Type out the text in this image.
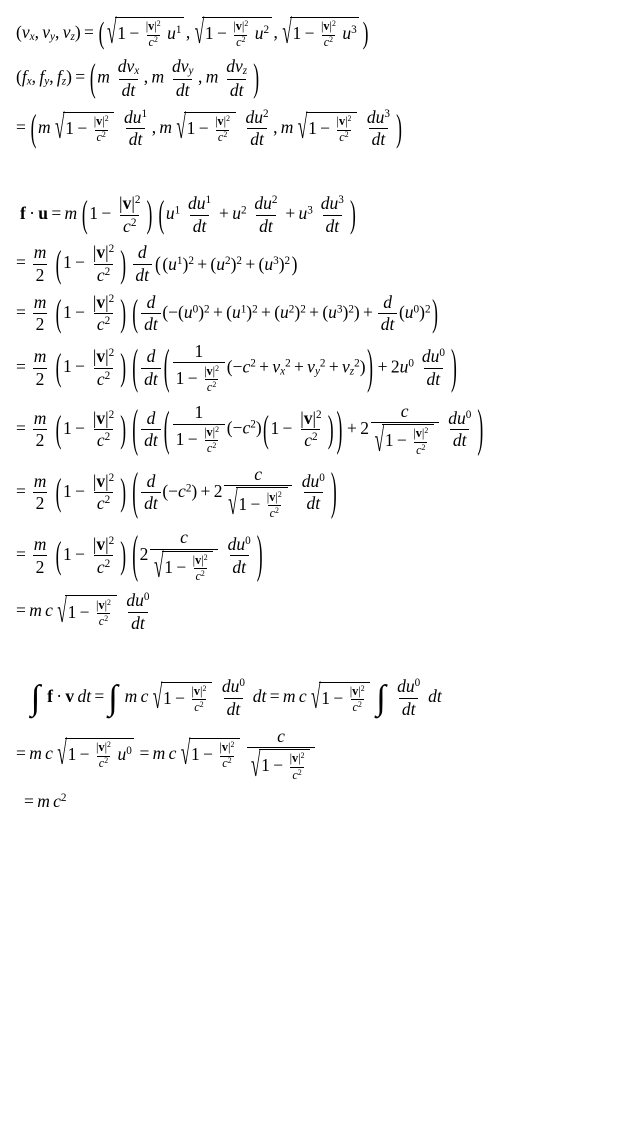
(vx, vy, vz) = ( √ $1 - \frac{|v|^2}{c^2} u^1$ , √ $1 - \frac{|v|^2}{c^2} u^2$ , √ $1 - \frac{|v|^2}{c^2} u^3$ )
(fx, fy, fz) = ( m $\frac{\text{dvx}}{dt}$ , m $\frac{\text{dvy}}{dt}$ , m $\frac{\text{dvz}}{dt}$ )
= ( m √ $1 - \frac{|v|^2}{c^2} \frac{du^1}{dt}$ , m √ $1 - \frac{|v|^2}{c^2} \frac{du^2}{dt}$ , m √ $1 - \frac{|v|^2}{c^2} \frac{du^3}{dt}$ )
f · u = m ( $1 - \frac{|v|^2}{c^2}$ ) ( $u^1 \frac{du^1}{dt} + u^2 \frac{du^2}{dt} + u^3 \frac{du^3}{dt}$ )
= $\frac{m}{2}$ ( $1 - \frac{|v|^2}{c^2}$ ) $\frac{d}{dt}$ ( $(u^1)^2 + (u^2)^2 + (u^3)^2$ )
= $\frac{m}{2}$ ( $1 - \frac{|v|^2}{c^2}$ ) ( $\frac{d}{dt} (-(u^0)^2 + (u^1)^2 + (u^2)^2 + (u^3)^2) + \frac{d}{dt} (u^0)^2$ )
= $\frac{m}{2}$ ( $1 - \frac{|v|^2}{c^2}$ ) ( $\frac{d}{dt}$ ( $\frac{1}{1 - \frac{|v|^2}{c^2}} (-c^2 + vx^2 + vy^2 + vz^2)$ ) + $2u^0 \frac{du^0}{dt}$ )
= $\frac{m}{2}$ ( $1 - \frac{|v|^2}{c^2}$ ) ( $\frac{d}{dt}$ ( $\frac{1}{1 - \frac{|v|^2}{c^2}} (-c^2)$ ( $1 - \frac{|v|^2}{c^2}$ ) ) + $2 \frac{c}{√ 1 - \frac{|v|^2}{c^2}} \frac{du^0}{dt}$ )
= $\frac{m}{2}$ ( $1 - \frac{|v|^2}{c^2}$ ) ( $\frac{d}{dt} (-c^2) + 2 \frac{c}{√ 1 - \frac{|v|^2}{c^2}} \frac{du^0}{dt}$ )
= $\frac{m}{2}$ ( $1 - \frac{|v|^2}{c^2}$ ) ( $2 \frac{c}{√ 1 - \frac{|v|^2}{c^2}} \frac{du^0}{dt}$ )
= m c √ $1 - \frac{|v|^2}{c^2} \frac{du^0}{dt}$
∫ f · v dt = ∫ m c √ $1 - \frac{|v|^2}{c^2} \frac{du^0}{dt}$ dt = m c √ $1 - \frac{|v|^2}{c^2}$ ∫ $\frac{du^0}{dt}$ dt
= m c √ $1 - \frac{|v|^2}{c^2} u^0 = m$ c √ $1 - \frac{|v|^2}{c^2} \frac{c}{√ 1 - \frac{|v|^2}{c^2}}$
= m $c^2$
